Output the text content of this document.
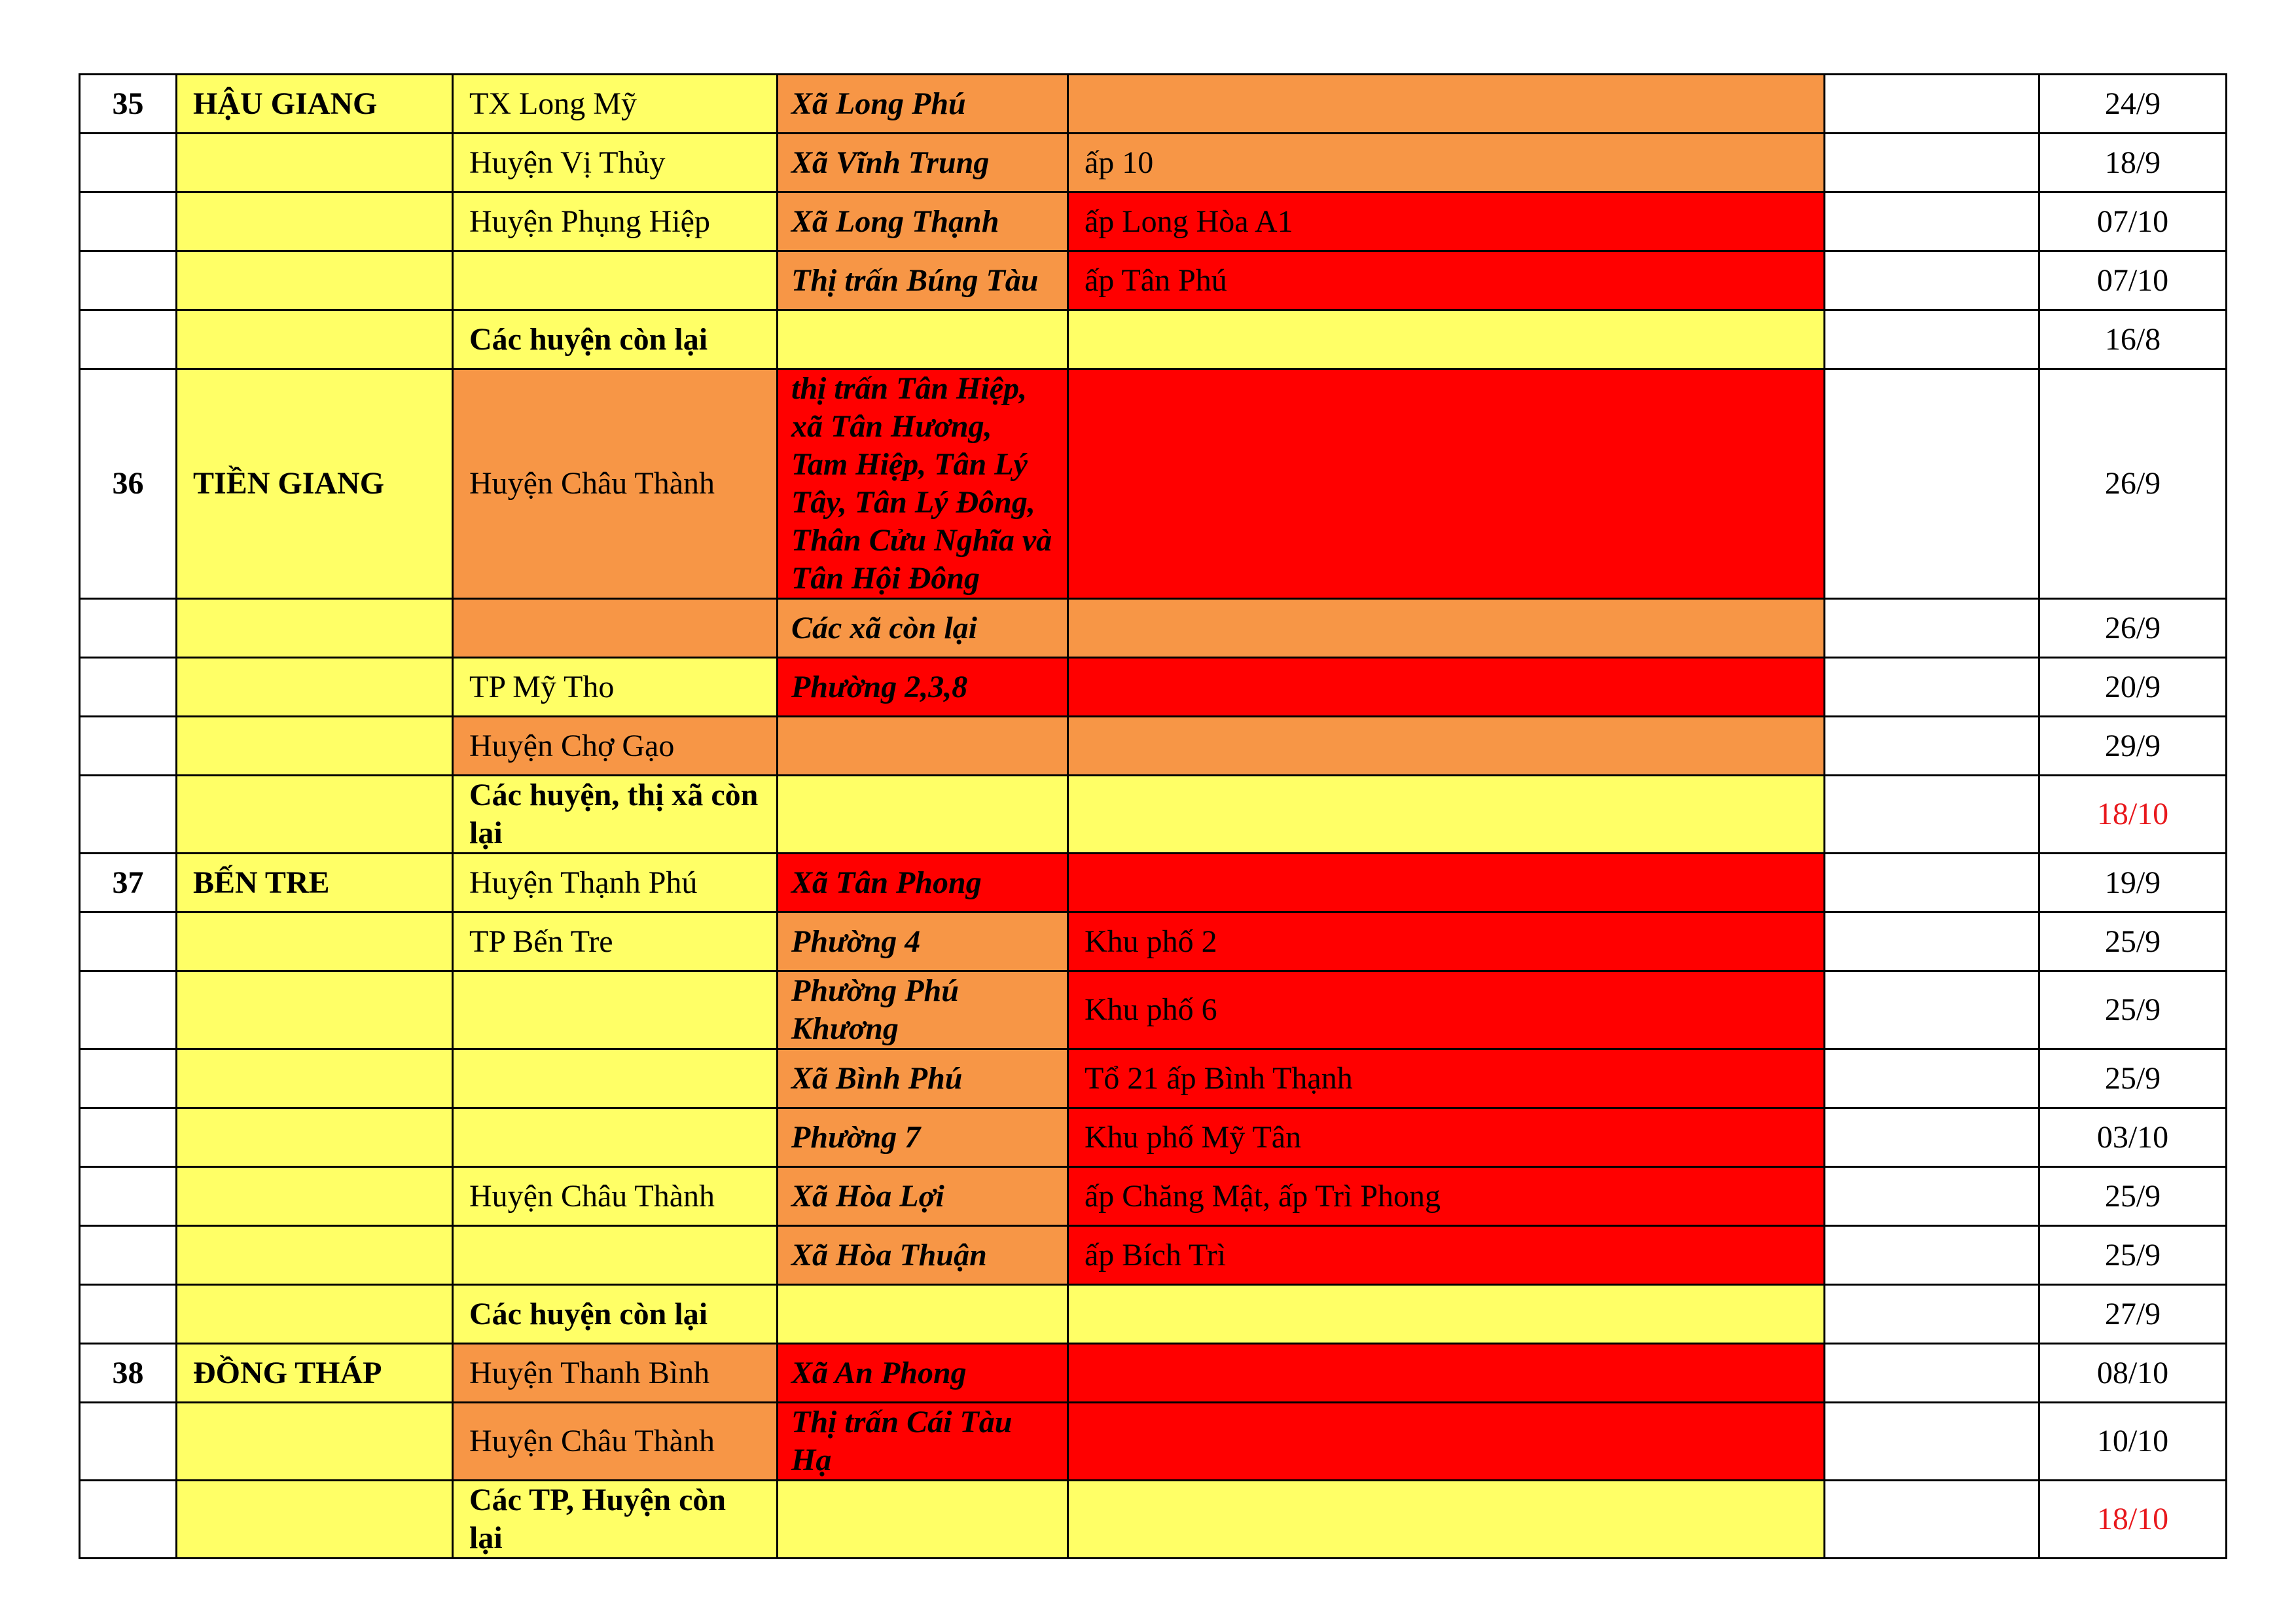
35	HẬU GIANG	TX Long Mỹ	Xã Long Phú			24/9
		Huyện Vị Thủy	Xã Vĩnh Trung	ấp 10		18/9
		Huyện Phụng Hiệp	Xã Long Thạnh	ấp Long Hòa A1		07/10
			Thị trấn Búng Tàu	ấp Tân Phú		07/10
		Các huyện còn lại				16/8
36	TIỀN GIANG	Huyện Châu Thành	thị trấn Tân Hiệp, xã Tân Hương, Tam Hiệp, Tân Lý Tây, Tân Lý Đông, Thân Cửu Nghĩa và Tân Hội Đông			26/9
			Các xã còn lại			26/9
		TP Mỹ Tho	Phường 2,3,8			20/9
		Huyện Chợ Gạo				29/9
		Các huyện, thị xã còn lại				18/10
37	BẾN TRE	Huyện Thạnh Phú	Xã Tân Phong			19/9
		TP Bến Tre	Phường 4	Khu phố 2		25/9
			Phường Phú Khương	Khu phố 6		25/9
			Xã Bình Phú	Tổ 21 ấp Bình Thạnh		25/9
			Phường 7	Khu phố Mỹ Tân		03/10
		Huyện Châu Thành	Xã Hòa Lợi	ấp Chăng Mật, ấp Trì Phong		25/9
			Xã Hòa Thuận	ấp Bích Trì		25/9
		Các huyện còn lại				27/9
38	ĐỒNG THÁP	Huyện Thanh Bình	Xã An Phong			08/10
		Huyện Châu Thành	Thị trấn Cái Tàu Hạ			10/10
		Các TP, Huyện còn lại				18/10
